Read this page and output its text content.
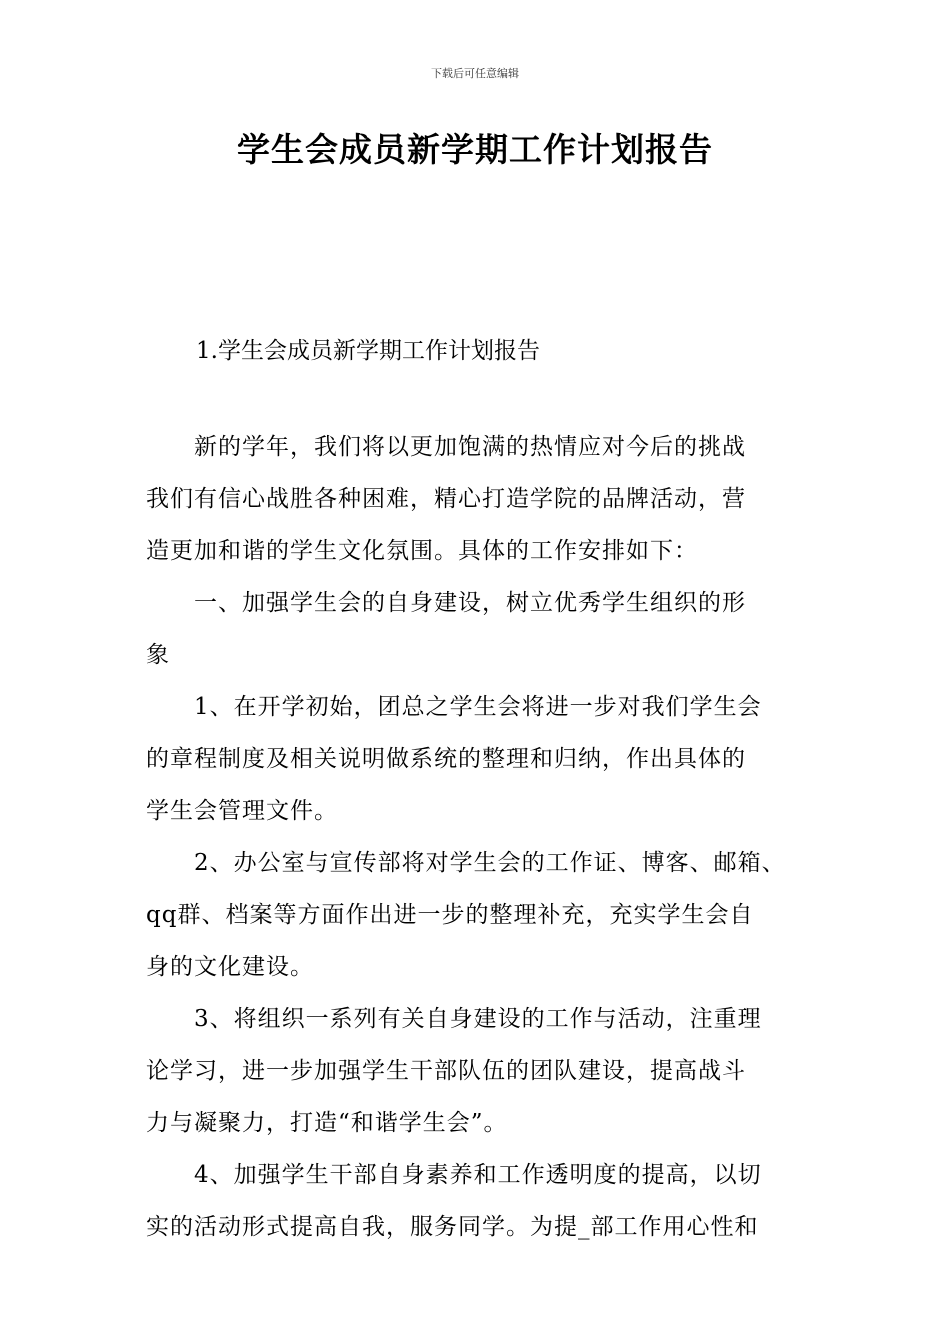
下载后可任意编辑
学生会成员新学期工作计划报告
1.学生会成员新学期工作计划报告
　　新的学年，我们将以更加饱满的热情应对今后的挑战
我们有信心战胜各种困难，精心打造学院的品牌活动，营
造更加和谐的学生文化氛围。具体的工作安排如下：
　　一、加强学生会的自身建设，树立优秀学生组织的形
象
　　1、在开学初始，团总之学生会将进一步对我们学生会
的章程制度及相关说明做系统的整理和归纳，作出具体的
学生会管理文件。
　　2、办公室与宣传部将对学生会的工作证、博客、邮箱、
qq群、档案等方面作出进一步的整理补充，充实学生会自
身的文化建设。
　　3、将组织一系列有关自身建设的工作与活动，注重理
论学习，进一步加强学生干部队伍的团队建设，提高战斗
力与凝聚力，打造“和谐学生会”。
　　4、加强学生干部自身素养和工作透明度的提高，以切
实的活动形式提高自我，服务同学。为提_部工作用心性和
